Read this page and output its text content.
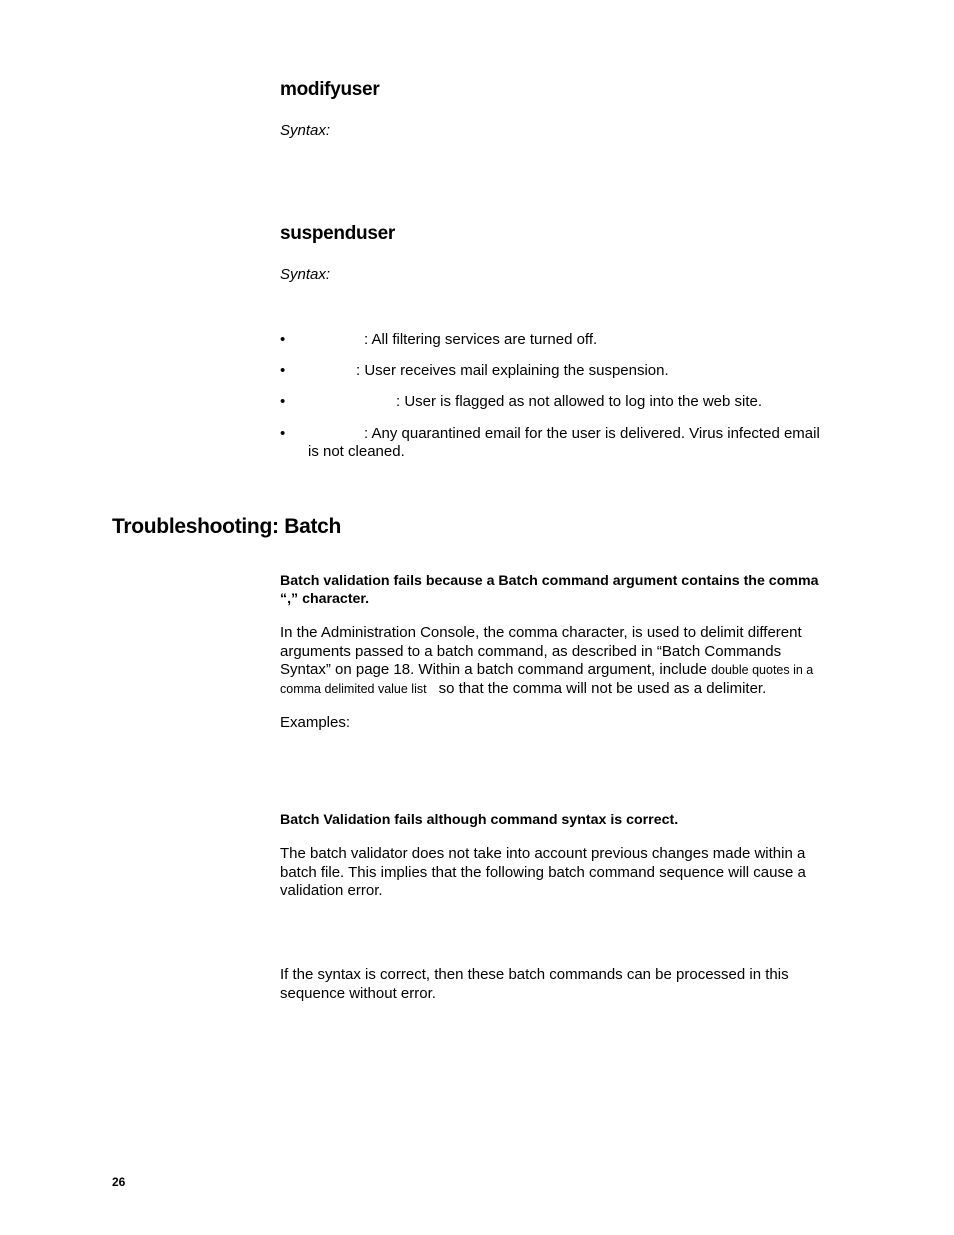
modifyuser
Syntax:
suspenduser
Syntax:
•	: All filtering services are turned off.
•	: User receives mail explaining the suspension.
•	: User is flagged as not allowed to log into the web site.
•	: Any quarantined email for the user is delivered. Virus infected email
is not cleaned.
Troubleshooting: Batch
Batch validation fails because a Batch command argument contains the comma
“,” character.
In the Administration Console, the comma character, is used to delimit different
arguments passed to a batch command, as described in “Batch Commands
Syntax” on page 18. Within a batch command argument, include double quotes in a
comma delimited value list so that the comma will not be used as a delimiter.
Examples:
Batch Validation fails although command syntax is correct.
The batch validator does not take into account previous changes made within a
batch file. This implies that the following batch command sequence will cause a
validation error.
If the syntax is correct, then these batch commands can be processed in this
sequence without error.
26
